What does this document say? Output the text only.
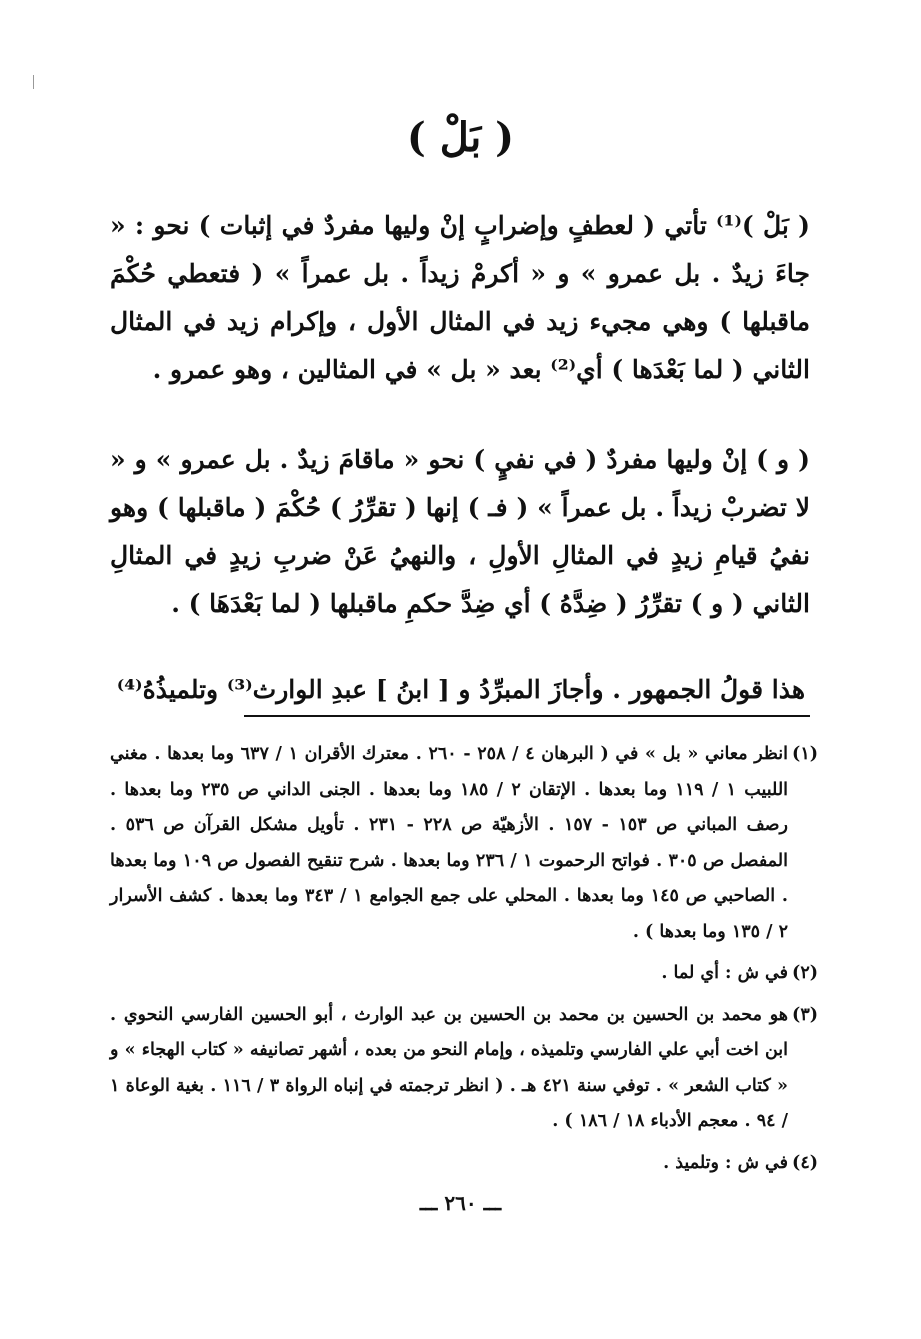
( بَلْ )
( بَلْ )⁽¹⁾ تأتي ( لعطفٍ وإضرابٍ إنْ وليها مفردٌ في إثبات ) نحو : « جاءَ زيدٌ . بل عمرو » و « أكرمْ زيداً . بل عمراً » ( فتعطي حُكْمَ ماقبلها ) وهي مجيء زيد في المثال الأول ، وإكرام زيد في المثال الثاني ( لما بَعْدَها ) أي⁽²⁾ بعد « بل » في المثالين ، وهو عمرو .
( و ) إنْ وليها مفردٌ ( في نفيٍ ) نحو « ماقامَ زيدٌ . بل عمرو » و « لا تضربْ زيداً . بل عمراً » ( فـ ) إنها ( تقرِّرُ ) حُكْمَ ( ماقبلها ) وهو نفيُ قيامِ زيدٍ في المثالِ الأولِ ، والنهيُ عَنْ ضربِ زيدٍ في المثالِ الثاني ( و ) تقرِّرُ ( ضِدَّهُ ) أي ضِدَّ حكمِ ماقبلها ( لما بَعْدَهَا ) .
هذا قولُ الجمهور . وأجازَ المبرِّدُ و [ ابنُ ] عبدِ الوارث⁽³⁾ وتلميذُهُ⁽⁴⁾
(١)
انظر معاني « بل » في ( البرهان ٤ / ٢٥٨ - ٢٦٠ . معترك الأقران ١ / ٦٣٧ وما بعدها . مغني اللبيب ١ / ١١٩ وما بعدها . الإتقان ٢ / ١٨٥ وما بعدها . الجنى الداني ص ٢٣٥ وما بعدها . رصف المباني ص ١٥٣ - ١٥٧ . الأزهيّة ص ٢٢٨ - ٢٣١ . تأويل مشكل القرآن ص ٥٣٦ . المفصل ص ٣٠٥ . فواتح الرحموت ١ / ٢٣٦ وما بعدها . شرح تنقيح الفصول ص ١٠٩ وما بعدها . الصاحبي ص ١٤٥ وما بعدها . المحلي على جمع الجوامع ١ / ٣٤٣ وما بعدها . كشف الأسرار ٢ / ١٣٥ وما بعدها ) .
(٢)
في ش : أي لما .
(٣)
هو محمد بن الحسين بن محمد بن الحسين بن عبد الوارث ، أبو الحسين الفارسي النحوي . ابن اخت أبي علي الفارسي وتلميذه ، وإمام النحو من بعده ، أشهر تصانيفه « كتاب الهجاء » و « كتاب الشعر » . توفي سنة ٤٢١ هـ . ( انظر ترجمته في إنباه الرواة ٣ / ١١٦ . بغية الوعاة ١ / ٩٤ . معجم الأدباء ١٨ / ١٨٦ ) .
(٤)
في ش : وتلميذ .
ـــ ٢٦٠ ـــ
